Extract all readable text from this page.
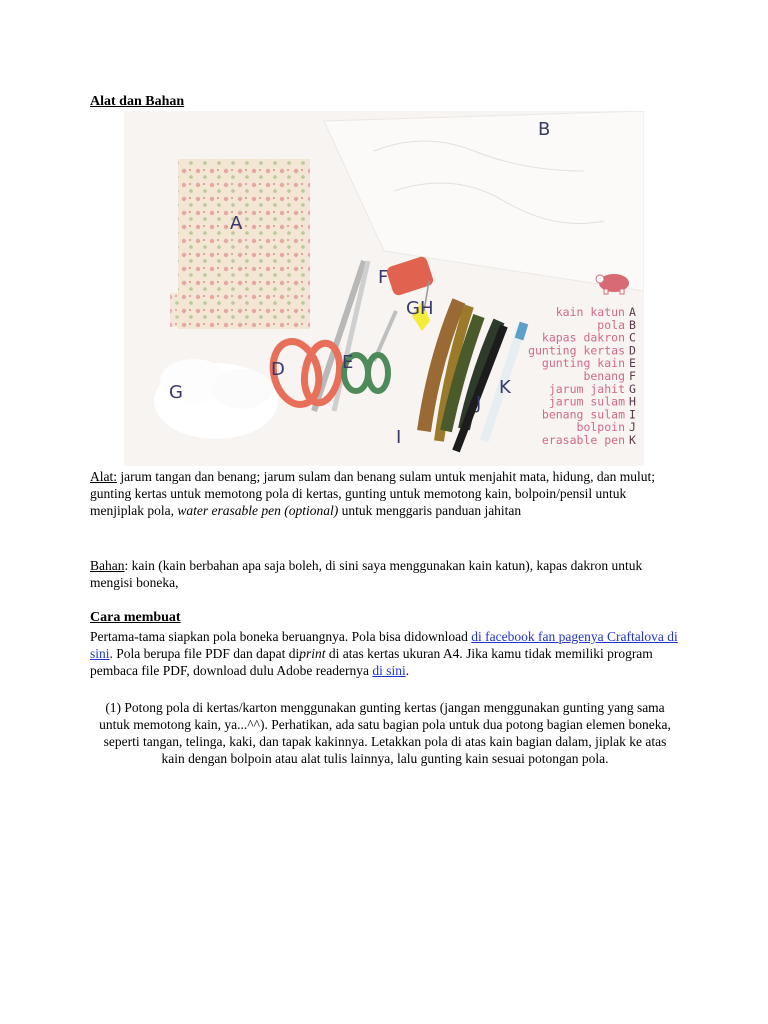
Alat dan Bahan
A
B
G
D	E
F
GH
I
J
K
kain katun A
pola B
kapas dakron C
gunting kertas D
gunting kain E
benang F
jarum jahit G
jarum sulam H
benang sulam I
bolpoin J
erasable pen K
Alat: jarum tangan dan benang; jarum sulam dan benang sulam untuk menjahit mata, hidung, dan mulut; gunting kertas untuk memotong pola di kertas, gunting untuk memotong kain, bolpoin/pensil untuk menjiplak pola, water erasable pen (optional) untuk menggaris panduan jahitan
Bahan: kain (kain berbahan apa saja boleh, di sini saya menggunakan kain katun), kapas dakron untuk mengisi boneka,
Cara membuat
Pertama-tama siapkan pola boneka beruangnya. Pola bisa didownload di facebook fan pagenya Craftalova di sini. Pola berupa file PDF dan dapat diprint di atas kertas ukuran A4. Jika kamu tidak memiliki program pembaca file PDF, download dulu Adobe readernya di sini.
(1) Potong pola di kertas/karton menggunakan gunting kertas (jangan menggunakan gunting yang sama untuk memotong kain, ya...^^). Perhatikan, ada satu bagian pola untuk dua potong bagian elemen boneka, seperti tangan, telinga, kaki, dan tapak kakinnya. Letakkan pola di atas kain bagian dalam, jiplak ke atas kain dengan bolpoin atau alat tulis lainnya, lalu gunting kain sesuai potongan pola.
